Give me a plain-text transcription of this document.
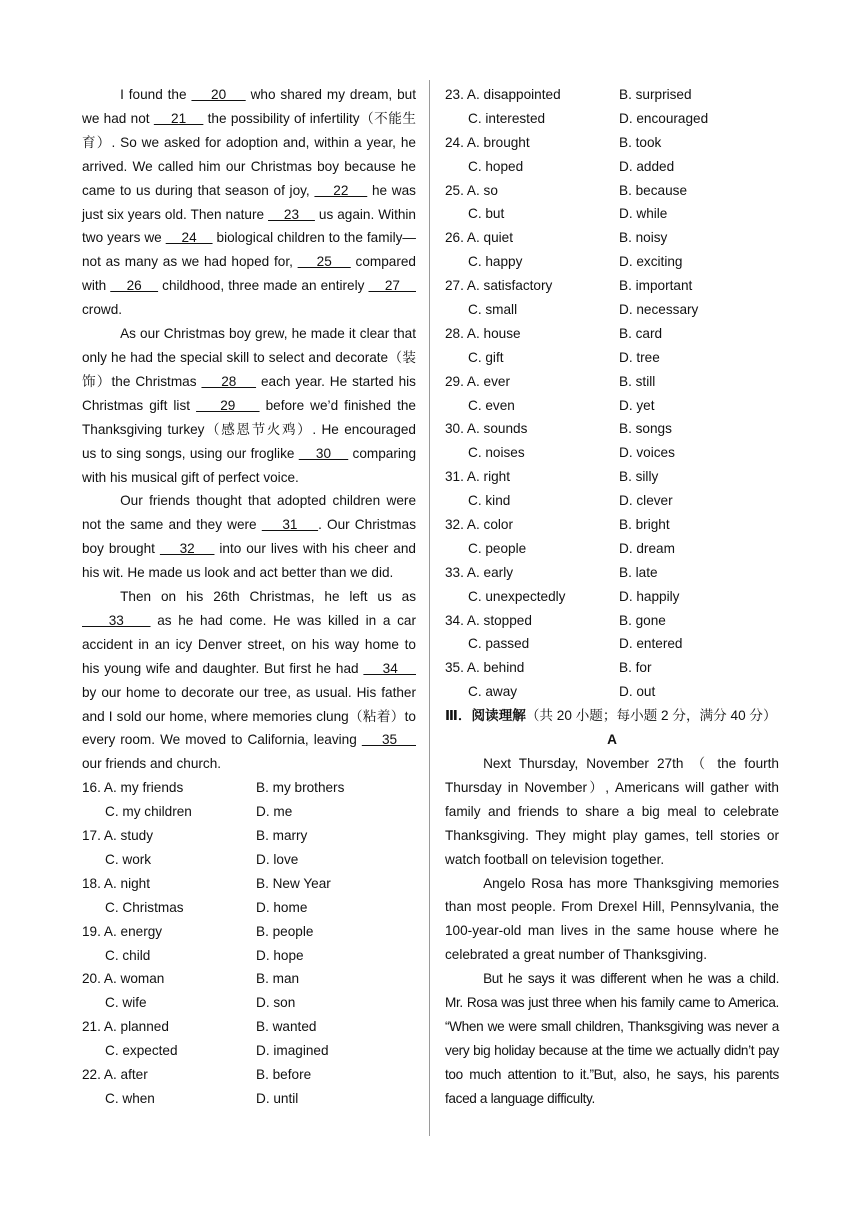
I found the     20     who shared my dream, but we had not     21     the possibility of infertility（不能生育）. So we asked for adoption and, within a year, he arrived. We called him our Christmas boy because he came to us during that season of joy,     22     he was just six years old. Then nature     23     us again. Within two years we     24     biological children to the family—not as many as we had hoped for,     25     compared with     26     childhood, three made an entirely     27     crowd.

As our Christmas boy grew, he made it clear that only he had the special skill to select and decorate（装饰）the Christmas     28     each year. He started his Christmas gift list     29     before we’d finished the Thanksgiving turkey（感恩节火鸡）. He encouraged us to sing songs, using our froglike     30     comparing with his musical gift of perfect voice.

Our friends thought that adopted children were not the same and they were     31    . Our Christmas boy brought     32     into our lives with his cheer and his wit. He made us look and act better than we did.

Then on his 26th Christmas, he left us as     33     as he had come. He was killed in a car accident in an icy Denver street, on his way home to his young wife and daughter. But first he had     34     by our home to decorate our tree, as usual. His father and I sold our home, where memories clung（粘着）to every room. We moved to California, leaving     35     our friends and church.

16. A. my friends	B. my brothers
C. my children	D. me
17. A. study	B. marry
C. work	D. love
18. A. night	B. New Year
C. Christmas	D. home
19. A. energy	B. people
C. child	D. hope
20. A. woman	B. man
C. wife	D. son
21. A. planned	B. wanted
C. expected	D. imagined
22. A. after	B. before
C. when	D. until
23. A. disappointed	B. surprised
C. interested	D. encouraged
24. A. brought	B. took
C. hoped	D. added
25. A. so	B. because
C. but	D. while
26. A. quiet	B. noisy
C. happy	D. exciting
27. A. satisfactory	B. important
C. small	D. necessary
28. A. house	B. card
C. gift	D. tree
29. A. ever	B. still
C. even	D. yet
30. A. sounds	B. songs
C. noises	D. voices
31. A. right	B. silly
C. kind	D. clever
32. A. color	B. bright
C. people	D. dream
33. A. early	B. late
C. unexpectedly	D. happily
34. A. stopped	B. gone
C. passed	D. entered
35. A. behind	B. for
C. away	D. out

Ⅲ．阅读理解（共 20 小题；每小题 2 分，满分 40 分）

A

Next Thursday, November 27th （ the fourth Thursday in November）, Americans will gather with family and friends to share a big meal to celebrate Thanksgiving. They might play games, tell stories or watch football on television together.

Angelo Rosa has more Thanksgiving memories than most people. From Drexel Hill, Pennsylvania, the 100-year-old man lives in the same house where he celebrated a great number of Thanksgiving.

But he says it was different when he was a child. Mr. Rosa was just three when his family came to America. “When we were small children, Thanksgiving was never a very big holiday because at the time we actually didn’t pay too much attention to it.”But, also, he says, his parents faced a language difficulty.
